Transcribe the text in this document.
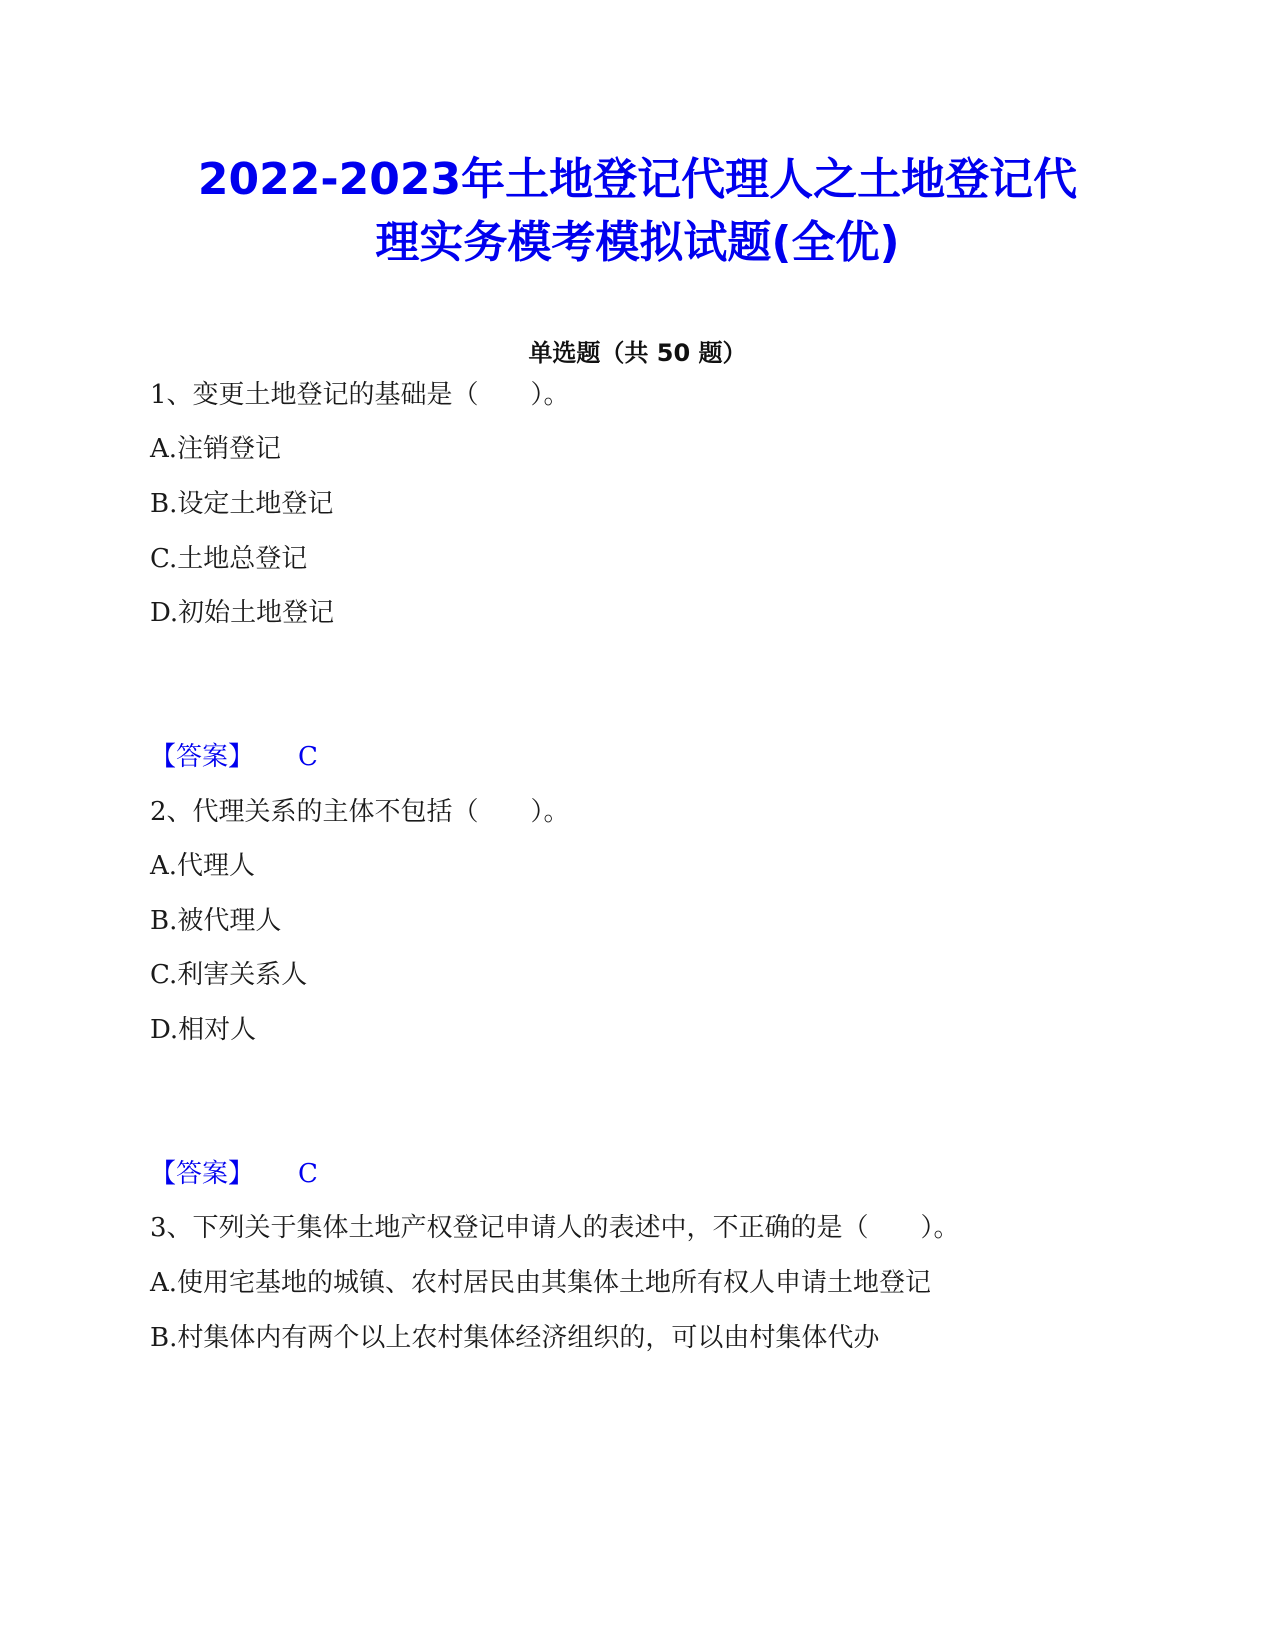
2022-2023年土地登记代理人之土地登记代
理实务模考模拟试题(全优)
单选题（共 50 题）
1、变更土地登记的基础是（　　）。
A.注销登记
B.设定土地登记
C.土地总登记
D.初始土地登记
【答案】 C
2、代理关系的主体不包括（　　）。
A.代理人
B.被代理人
C.利害关系人
D.相对人
【答案】 C
3、下列关于集体土地产权登记申请人的表述中，不正确的是（　　）。
A.使用宅基地的城镇、农村居民由其集体土地所有权人申请土地登记
B.村集体内有两个以上农村集体经济组织的，可以由村集体代办
